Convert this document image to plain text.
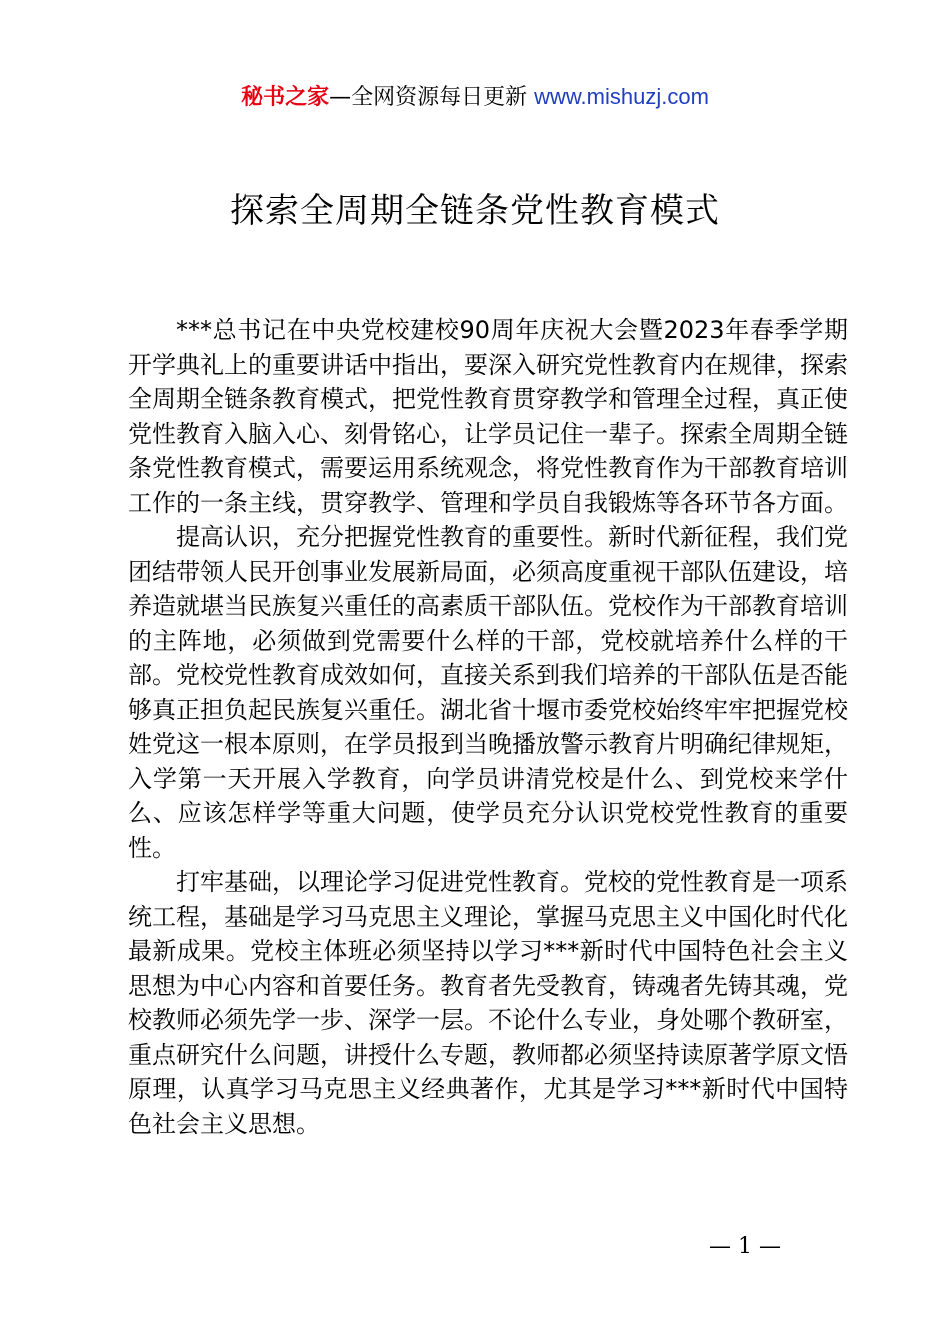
秘书之家—全网资源每日更新 www.mishuzj.com
探索全周期全链条党性教育模式

***总书记在中央党校建校90周年庆祝大会暨2023年春季学期开学典礼上的重要讲话中指出，要深入研究党性教育内在规律，探索全周期全链条教育模式，把党性教育贯穿教学和管理全过程，真正使党性教育入脑入心、刻骨铭心，让学员记住一辈子。探索全周期全链条党性教育模式，需要运用系统观念，将党性教育作为干部教育培训工作的一条主线，贯穿教学、管理和学员自我锻炼等各环节各方面。

提高认识，充分把握党性教育的重要性。新时代新征程，我们党团结带领人民开创事业发展新局面，必须高度重视干部队伍建设，培养造就堪当民族复兴重任的高素质干部队伍。党校作为干部教育培训的主阵地，必须做到党需要什么样的干部，党校就培养什么样的干部。党校党性教育成效如何，直接关系到我们培养的干部队伍是否能够真正担负起民族复兴重任。湖北省十堰市委党校始终牢牢把握党校姓党这一根本原则，在学员报到当晚播放警示教育片明确纪律规矩，入学第一天开展入学教育，向学员讲清党校是什么、到党校来学什么、应该怎样学等重大问题，使学员充分认识党校党性教育的重要性。

打牢基础，以理论学习促进党性教育。党校的党性教育是一项系统工程，基础是学习马克思主义理论，掌握马克思主义中国化时代化最新成果。党校主体班必须坚持以学习***新时代中国特色社会主义思想为中心内容和首要任务。教育者先受教育，铸魂者先铸其魂，党校教师必须先学一步、深学一层。不论什么专业，身处哪个教研室，重点研究什么问题，讲授什么专题，教师都必须坚持读原著学原文悟原理，认真学习马克思主义经典著作，尤其是学习***新时代中国特色社会主义思想。

— 1 —
